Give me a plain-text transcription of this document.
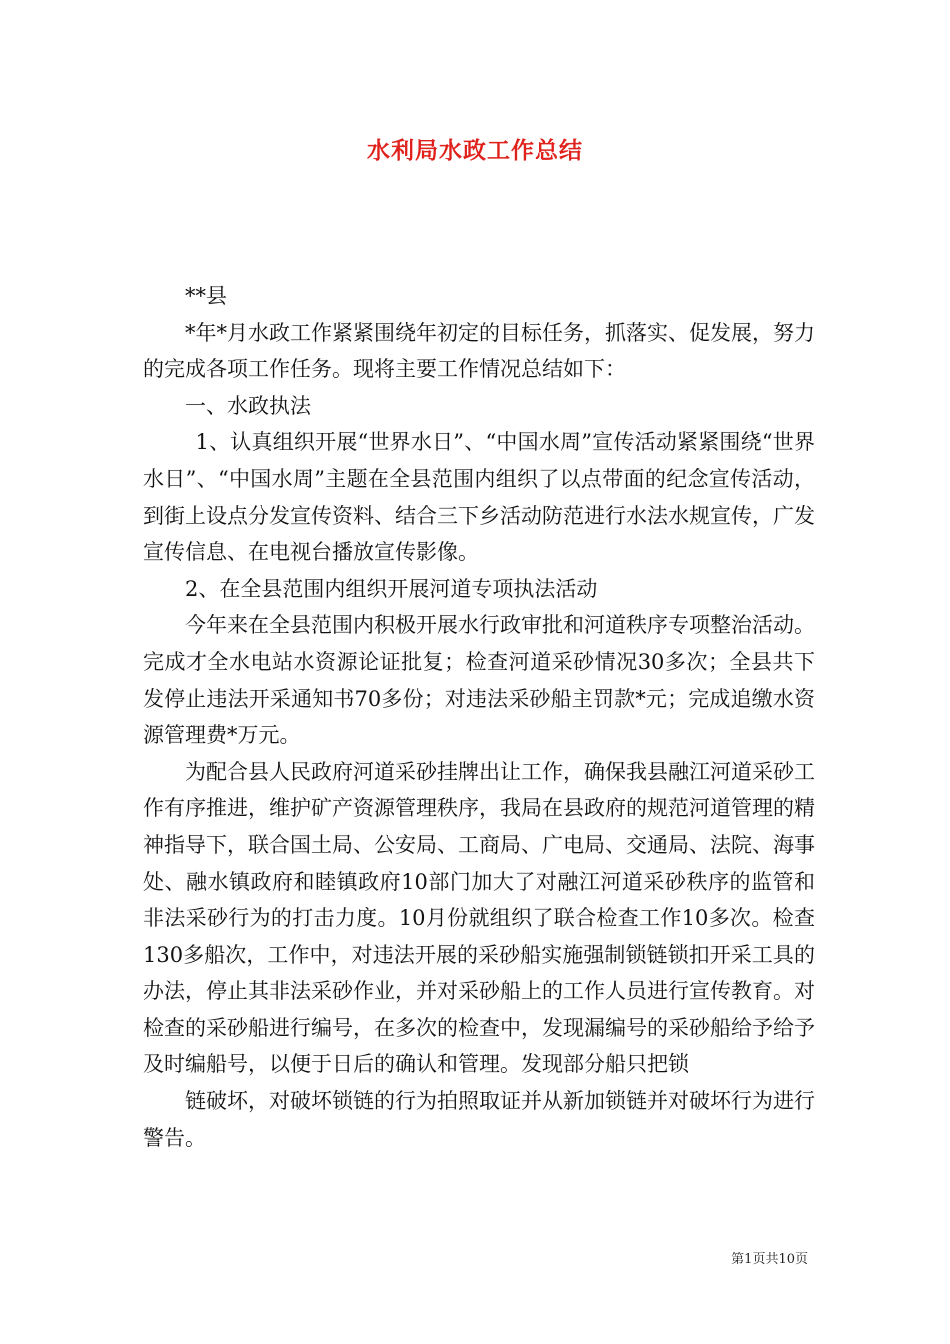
水利局水政工作总结

**县

*年*月水政工作紧紧围绕年初定的目标任务，抓落实、促发展，努力的完成各项工作任务。现将主要工作情况总结如下：

一、水政执法

1、认真组织开展“世界水日”、“中国水周”宣传活动紧紧围绕“世界水日”、“中国水周”主题在全县范围内组织了以点带面的纪念宣传活动，到街上设点分发宣传资料、结合三下乡活动防范进行水法水规宣传，广发宣传信息、在电视台播放宣传影像。

2、在全县范围内组织开展河道专项执法活动

今年来在全县范围内积极开展水行政审批和河道秩序专项整治活动。完成才全水电站水资源论证批复；检查河道采砂情况30多次；全县共下发停止违法开采通知书70多份；对违法采砂船主罚款*元；完成追缴水资源管理费*万元。

为配合县人民政府河道采砂挂牌出让工作，确保我县融江河道采砂工作有序推进，维护矿产资源管理秩序，我局在县政府的规范河道管理的精神指导下，联合国土局、公安局、工商局、广电局、交通局、法院、海事处、融水镇政府和睦镇政府10部门加大了对融江河道采砂秩序的监管和非法采砂行为的打击力度。10月份就组织了联合检查工作10多次。检查130多船次，工作中，对违法开展的采砂船实施强制锁链锁扣开采工具的办法，停止其非法采砂作业，并对采砂船上的工作人员进行宣传教育。对检查的采砂船进行编号，在多次的检查中，发现漏编号的采砂船给予给予及时编船号，以便于日后的确认和管理。发现部分船只把锁

链破坏，对破坏锁链的行为拍照取证并从新加锁链并对破坏行为进行警告。

第1页共10页
